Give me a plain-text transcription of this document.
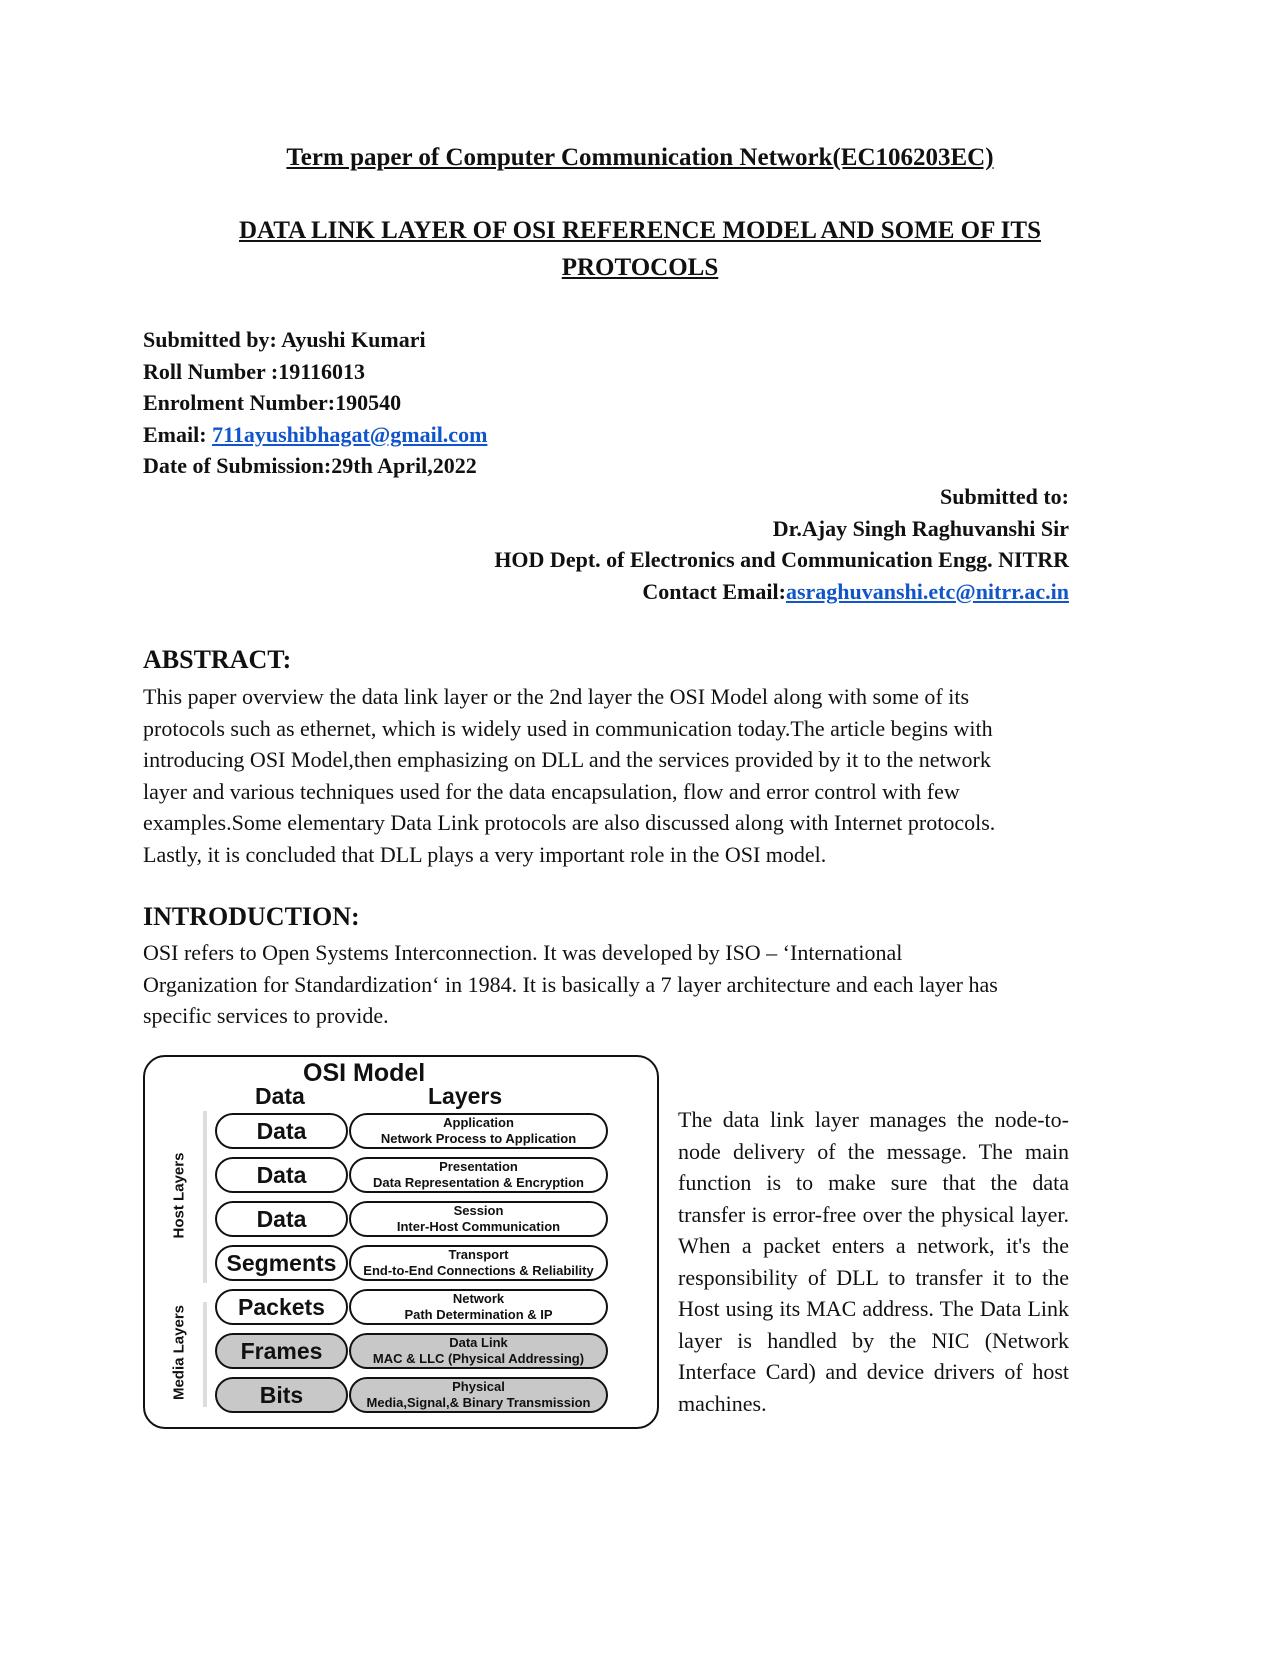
Term paper of Computer Communication Network(EC106203EC)
DATA LINK LAYER OF OSI REFERENCE MODEL AND SOME OF ITS
PROTOCOLS
Submitted by: Ayushi Kumari
Roll Number :19116013
Enrolment Number:190540
Email: 711ayushibhagat@gmail.com
Date of Submission:29th April,2022
Submitted to:
Dr.Ajay Singh Raghuvanshi Sir
HOD Dept. of Electronics and Communication Engg. NITRR
Contact Email:asraghuvanshi.etc@nitrr.ac.in
ABSTRACT:
This paper overview the data link layer or the 2nd layer the OSI Model along with some of its
protocols such as ethernet, which is widely used in communication today.The article begins with
introducing OSI Model,then emphasizing on DLL and the services provided by it to the network
layer and various techniques used for the data encapsulation, flow and error control with few
examples.Some elementary Data Link protocols are also discussed along with Internet protocols.
Lastly, it is concluded that DLL plays a very important role in the OSI model.
INTRODUCTION:
OSI refers to Open Systems Interconnection. It was developed by ISO – ‘International
Organization for Standardization‘ in 1984. It is basically a 7 layer architecture and each layer has
specific services to provide.
OSI Model
Data	Layers
Host Layers
Media Layers
Data	Application
Network Process to Application
Data	Presentation
Data Representation & Encryption
Data	Session
Inter-Host Communication
Segments	Transport
End-to-End Connections & Reliability
Packets	Network
Path Determination & IP
Frames	Data Link
MAC & LLC (Physical Addressing)
Bits	Physical
Media,Signal,& Binary Transmission
The data link layer manages the node-to-node delivery of the message. The main function is to make sure that the data transfer is error-free over the physical layer. When a packet enters a network, it's the responsibility of DLL to transfer it to the Host using its MAC address. The Data Link layer is handled by the NIC (Network Interface Card) and device drivers of host machines.
